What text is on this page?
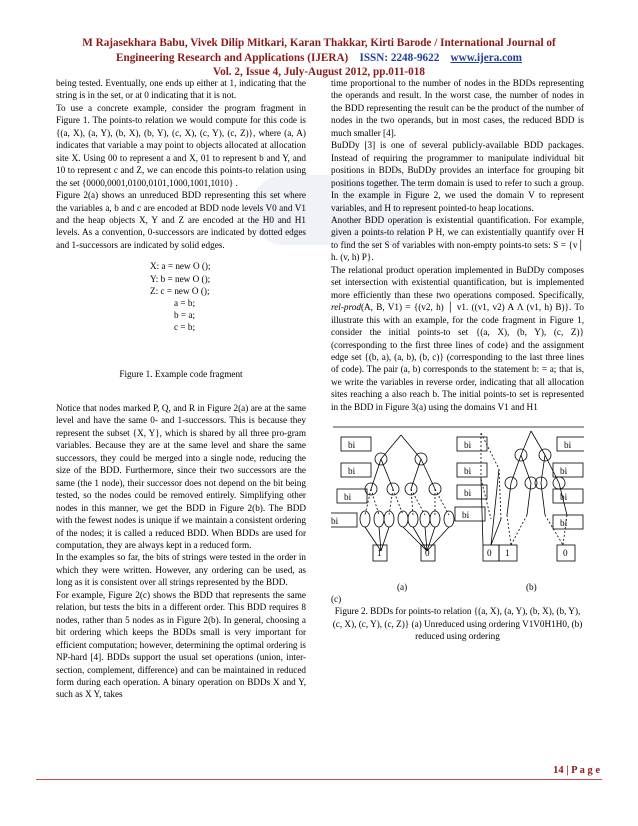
M Rajasekhara Babu, Vivek Dilip Mitkari, Karan Thakkar, Kirti Barode / International Journal of
Engineering Research and Applications (IJERA) ISSN: 2248-9622 www.ijera.com
Vol. 2, Issue 4, July-August 2012, pp.011-018

being tested. Eventually, one ends up either at 1, indicating that the string is in the set, or at 0 indicating that it is not.

To use a concrete example, consider the program fragment in Figure 1. The points-to relation we would compute for this code is {(a, X), (a, Y), (b, X), (b, Y), (c, X), (c, Y), (c, Z)}, where (a, A) indicates that variable a may point to objects allocated at allocation site X. Using 00 to represent a and X, 01 to represent b and Y, and 10 to represent c and Z, we can encode this points-to relation using the set {0000,0001,0100,0101,1000,1001,1010} .

Figure 2(a) shows an unreduced BDD representing this set where the variables a, b and c are encoded at BDD node levels V0 and V1 and the heap objects X, Y and Z are encoded at the H0 and H1 levels. As a convention, 0-successors are indicated by dotted edges and 1-successors are indicated by solid edges.

X: a = new O ();
Y: b = new O ();
Z: c = new O ();
a = b;
b = a;
c = b;
Figure 1. Example code fragment

Notice that nodes marked P, Q, and R in Figure 2(a) are at the same level and have the same 0- and 1-successors. This is because they represent the subset {X, Y}, which is shared by all three pro-gram variables. Because they are at the same level and share the same successors, they could be merged into a single node, reducing the size of the BDD. Furthermore, since their two successors are the same (the 1 node), their successor does not depend on the bit being tested, so the nodes could be removed entirely. Simplifying other nodes in this manner, we get the BDD in Figure 2(b). The BDD with the fewest nodes is unique if we maintain a consistent ordering of the nodes; it is called a reduced BDD. When BDDs are used for computation, they are always kept in a reduced form.

In the examples so far, the bits of strings were tested in the order in which they were written. However, any ordering can be used, as long as it is consistent over all strings represented by the BDD.

For example, Figure 2(c) shows the BDD that represents the same relation, but tests the bits in a different order. This BDD requires 8 nodes, rather than 5 nodes as in Figure 2(b). In general, choosing a bit ordering which keeps the BDDs small is very important for efficient computation; however, determining the optimal ordering is NP-hard [4]. BDDs support the usual set operations (union, inter-section, complement, difference) and can be maintained in reduced form during each operation. A binary operation on BDDs X and Y, such as X Y, takes

time proportional to the number of nodes in the BDDs representing the operands and result. In the worst case, the number of nodes in the BDD representing the result can be the product of the number of nodes in the two operands, but in most cases, the reduced BDD is much smaller [4].

BuDDy [3] is one of several publicly-available BDD packages. Instead of requiring the programmer to manipulate individual bit positions in BDDs, BuDDy provides an interface for grouping bit positions together. The term domain is used to refer to such a group. In the example in Figure 2, we used the domain V to represent variables, and H to represent pointed-to heap locations.

Another BDD operation is existential quantification. For example, given a points-to relation P H, we can existentially quantify over H to find the set S of variables with non-empty points-to sets: S = {v│ h. (v, h) P}.

The relational product operation implemented in BuDDy composes set intersection with existential quantification, but is implemented more efficiently than these two operations composed. Specifically, rel-prod(A, B, V1) = {(v2, h) │ v1. ((v1, v2) A Λ (v1, h) B)}. To illustrate this with an example, for the code fragment in Figure 1, consider the initial points-to set {(a, X), (b, Y), (c, Z)} (corresponding to the first three lines of code) and the assignment edge set {(b, a), (a, b), (b, c)} (corresponding to the last three lines of code). The pair (a, b) corresponds to the statement b: = a; that is, we write the variables in reverse order, indicating that all allocation sites reaching a also reach b. The initial points-to set is represented in the BDD in Figure 3(a) using the domains V1 and H1

bi
bi
bi
bi
bi
bi
bi
bi
bi
bi
bi
bi
1	0	0 1	0
(a)	(b)
(c)
Figure 2. BDDs for points-to relation {(a, X), (a, Y), (b, X), (b, Y), (c, X), (c, Y), (c, Z)} (a) Unreduced using ordering V1V0H1H0, (b) reduced using ordering
14 | P a g e
